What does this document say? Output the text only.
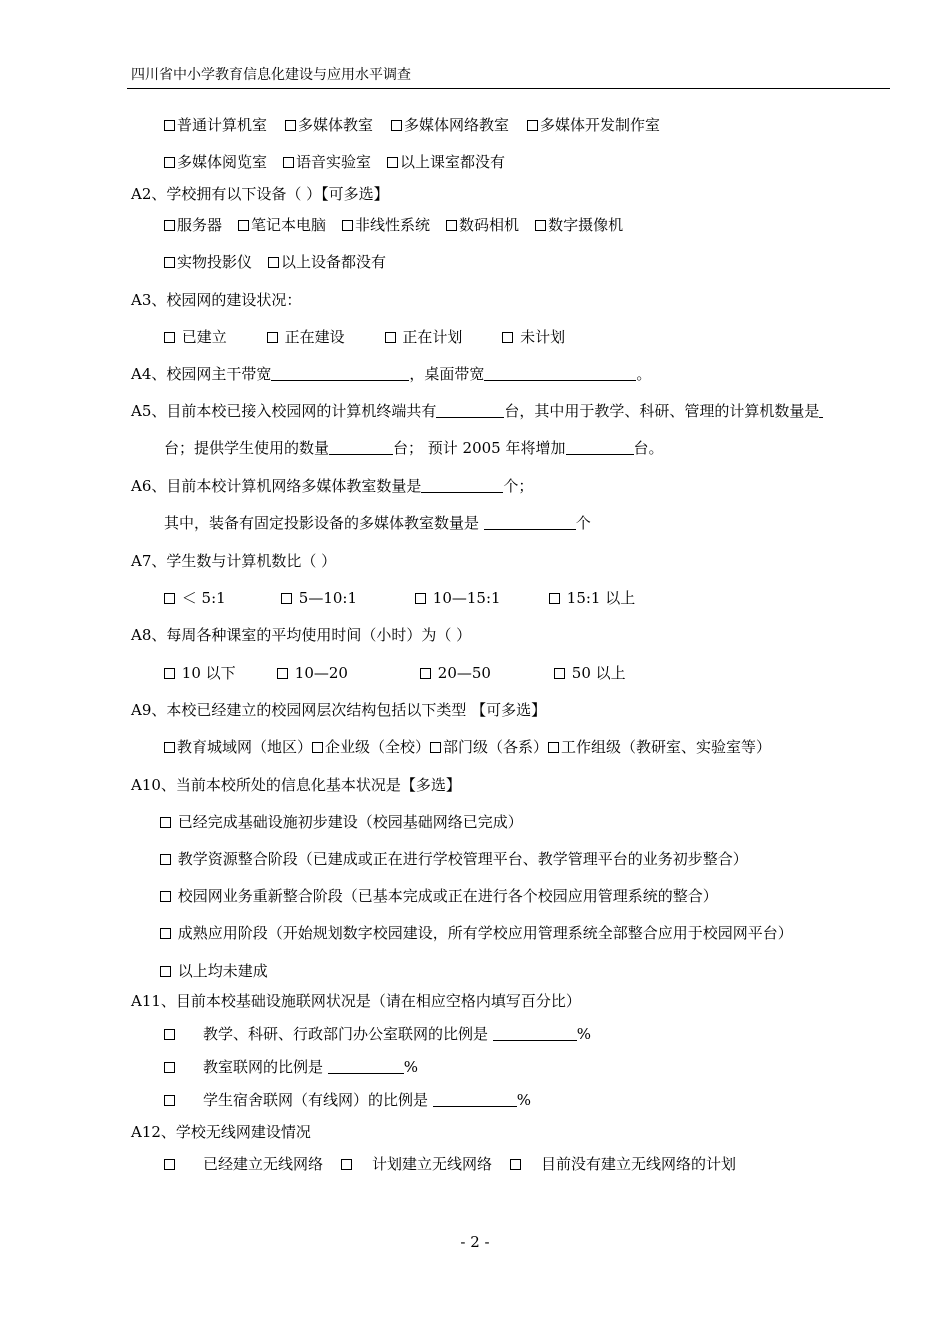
四川省中小学教育信息化建设与应用水平调查
普通计算机室 多媒体教室 多媒体网络教室 多媒体开发制作室
多媒体阅览室 语音实验室 以上课室都没有
A2、学校拥有以下设备（ ）【可多选】
服务器 笔记本电脑 非线性系统 数码相机 数字摄像机
实物投影仪 以上设备都没有
A3、校园网的建设状况：
已建立	正在建设	正在计划	未计划
A4、校园网主干带宽	，桌面带宽	。
A5、目前本校已接入校园网的计算机终端共有	台，其中用于教学、科研、管理的计算机数量是
台；提供学生使用的数量	台； 预计 2005 年将增加	台。
A6、目前本校计算机网络多媒体教室数量是	个；
其中，装备有固定投影设备的多媒体教室数量是	个
A7、学生数与计算机数比（ ）
＜ 5:1	5—10:1	10—15:1	15:1 以上
A8、每周各种课室的平均使用时间（小时）为（ ）
10 以下	10—20	20—50	50 以上
A9、本校已经建立的校园网层次结构包括以下类型 【可多选】
教育城域网（地区） 企业级（全校） 部门级（各系） 工作组级（教研室、实验室等）
A10、当前本校所处的信息化基本状况是【多选】
已经完成基础设施初步建设（校园基础网络已完成）
教学资源整合阶段（已建成或正在进行学校管理平台、教学管理平台的业务初步整合）
校园网业务重新整合阶段（已基本完成或正在进行各个校园应用管理系统的整合）
成熟应用阶段（开始规划数字校园建设，所有学校应用管理系统全部整合应用于校园网平台）
以上均未建成
A11、目前本校基础设施联网状况是（请在相应空格内填写百分比）
教学、科研、行政部门办公室联网的比例是	%
教室联网的比例是	%
学生宿舍联网（有线网）的比例是	%
A12、学校无线网建设情况
已经建立无线网络	计划建立无线网络	目前没有建立无线网络的计划
- 2 -
